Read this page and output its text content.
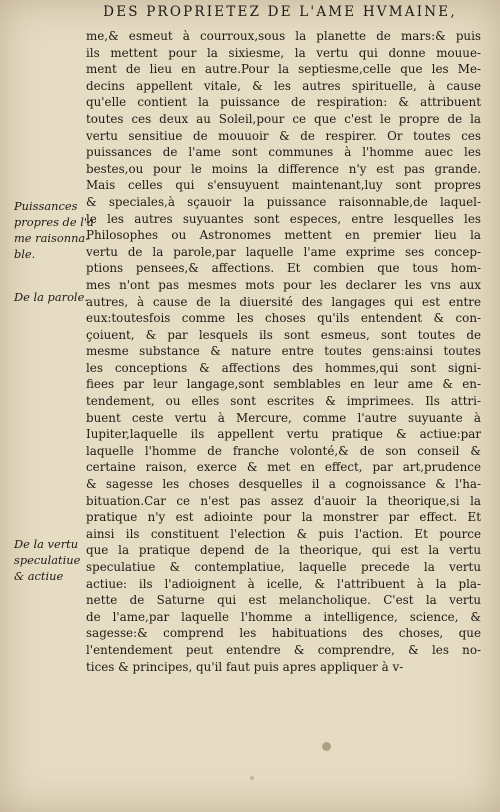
DES PROPRIETEZ DE L'AME HVMAINE,
me,& esmeut à courroux,sous la planette de mars:& puis
ils mettent pour la sixiesme, la vertu qui donne mouue-
ment de lieu en autre.Pour la septiesme,celle que les Me-
decins appellent vitale, & les autres spirituelle, à cause
qu'elle contient la puissance de respiration: & attribuent
toutes ces deux au Soleil,pour ce que c'est le propre de la
vertu sensitiue de mouuoir & de respirer. Or toutes ces
puissances de l'ame sont communes à l'homme auec les
bestes,ou pour le moins la difference n'y est pas grande.
Mais celles qui s'ensuyuent maintenant,luy sont propres
& speciales,à sçauoir la puissance raisonnable,de laquel-
le les autres suyuantes sont especes, entre lesquelles les
Philosophes ou Astronomes mettent en premier lieu la
vertu de la parole,par laquelle l'ame exprime ses concep-
ptions pensees,& affections. Et combien que tous hom-
mes n'ont pas mesmes mots pour les declarer les vns aux
autres, à cause de la diuersité des langages qui est entre
eux:toutesfois comme les choses qu'ils entendent & con-
çoiuent, & par lesquels ils sont esmeus, sont toutes de
mesme substance & nature entre toutes gens:ainsi toutes
les conceptions & affections des hommes,qui sont signi-
fiees par leur langage,sont semblables en leur ame & en-
tendement, ou elles sont escrites & imprimees. Ils attri-
buent ceste vertu à Mercure, comme l'autre suyuante à
Iupiter,laquelle ils appellent vertu pratique & actiue:par
laquelle l'homme de franche volonté,& de son conseil &
certaine raison, exerce & met en effect, par art,prudence
& sagesse les choses desquelles il a cognoissance & l'ha-
bituation.Car ce n'est pas assez d'auoir la theorique,si la
pratique n'y est adiointe pour la monstrer par effect. Et
ainsi ils constituent l'election & puis l'action. Et pource
que la pratique depend de la theorique, qui est la vertu
speculatiue & contemplatiue, laquelle precede la vertu
actiue: ils l'adioignent à icelle, & l'attribuent à la pla-
nette de Saturne qui est melancholique. C'est la vertu
de l'ame,par laquelle l'homme a intelligence, science, &
sagesse:& comprend les habituations des choses, que
l'entendement peut entendre & comprendre, & les no-
tices & principes, qu'il faut puis apres appliquer à v-
Puissances
propres de l'a
me raisonna-
ble.
De la parole.
De la vertu
speculatiue
& actiue
